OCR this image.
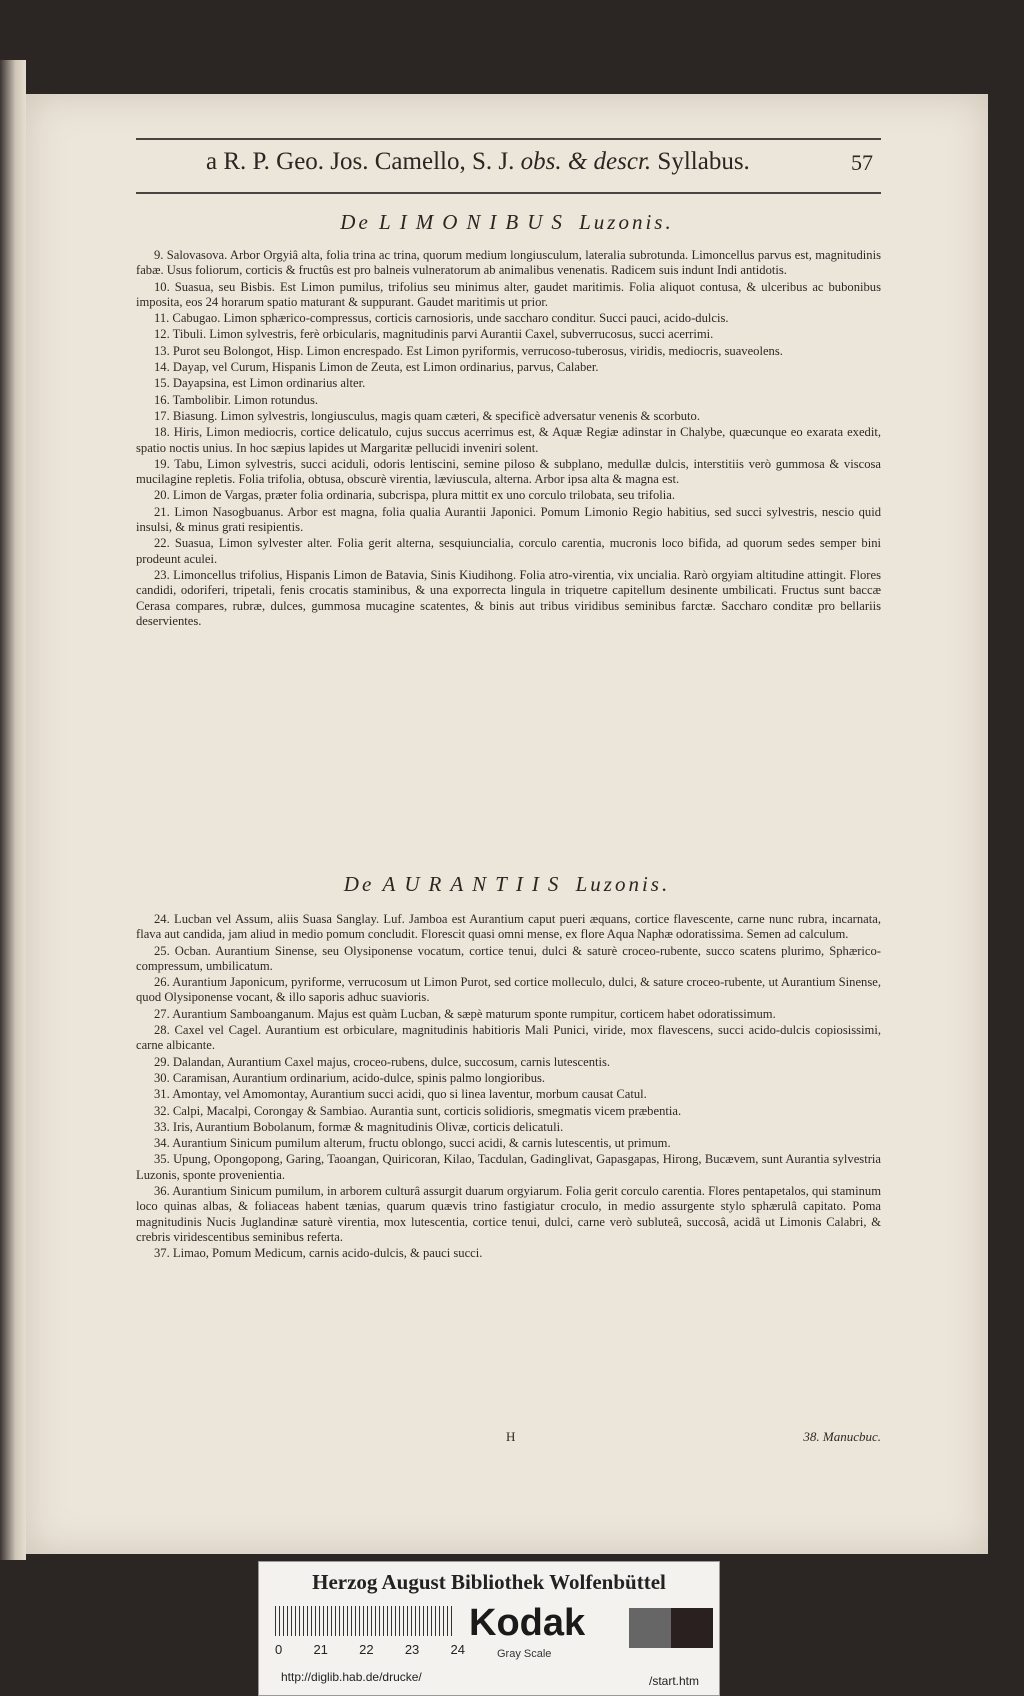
a R. P. Geo. Jos. Camello, S. J. obs. & descr. Syllabus.	57
De LIMONIBUS Luzonis.

9. Salovasova. Arbor Orgyiâ alta, folia trina ac trina, quorum medium longiusculum, lateralia subrotunda. Limoncellus parvus est, magnitudinis fabæ. Usus foliorum, corticis & fructûs est pro balneis vulneratorum ab animalibus venenatis. Radicem suis indunt Indi antidotis.

10. Suasua, seu Bisbis. Est Limon pumilus, trifolius seu minimus alter, gaudet maritimis. Folia aliquot contusa, & ulceribus ac bubonibus imposita, eos 24 horarum spatio maturant & suppurant. Gaudet maritimis ut prior.

11. Cabugao. Limon sphærico-compressus, corticis carnosioris, unde saccharo conditur. Succi pauci, acido-dulcis.

12. Tibuli. Limon sylvestris, ferè orbicularis, magnitudinis parvi Aurantii Caxel, subverrucosus, succi acerrimi.

13. Purot seu Bolongot, Hisp. Limon encrespado. Est Limon pyriformis, verrucoso-tuberosus, viridis, mediocris, suaveolens.

14. Dayap, vel Curum, Hispanis Limon de Zeuta, est Limon ordinarius, parvus, Calaber.

15. Dayapsina, est Limon ordinarius alter.

16. Tambolibir. Limon rotundus.

17. Biasung. Limon sylvestris, longiusculus, magis quam cæteri, & specificè adversatur venenis & scorbuto.

18. Hiris, Limon mediocris, cortice delicatulo, cujus succus acerrimus est, & Aquæ Regiæ adinstar in Chalybe, quæcunque eo exarata exedit, spatio noctis unius. In hoc sæpius lapides ut Margaritæ pellucidi inveniri solent.

19. Tabu, Limon sylvestris, succi aciduli, odoris lentiscini, semine piloso & subplano, medullæ dulcis, interstitiis verò gummosa & viscosa mucilagine repletis. Folia trifolia, obtusa, obscurè virentia, læviuscula, alterna. Arbor ipsa alta & magna est.

20. Limon de Vargas, præter folia ordinaria, subcrispa, plura mittit ex uno corculo trilobata, seu trifolia.

21. Limon Nasogbuanus. Arbor est magna, folia qualia Aurantii Japonici. Pomum Limonio Regio habitius, sed succi sylvestris, nescio quid insulsi, & minus grati resipientis.

22. Suasua, Limon sylvester alter. Folia gerit alterna, sesquiuncialia, corculo carentia, mucronis loco bifida, ad quorum sedes semper bini prodeunt aculei.

23. Limoncellus trifolius, Hispanis Limon de Batavia, Sinis Kiudihong. Folia atro-virentia, vix uncialia. Rarò orgyiam altitudine attingit. Flores candidi, odoriferi, tripetali, fenis crocatis staminibus, & una exporrecta lingula in triquetre capitellum desinente umbilicati. Fructus sunt baccæ Cerasa compares, rubræ, dulces, gummosa mucagine scatentes, & binis aut tribus viridibus seminibus farctæ. Saccharo conditæ pro bellariis deservientes.

De AURANTIIS Luzonis.

24. Lucban vel Assum, aliis Suasa Sanglay. Luf. Jamboa est Aurantium caput pueri æquans, cortice flavescente, carne nunc rubra, incarnata, flava aut candida, jam aliud in medio pomum concludit. Florescit quasi omni mense, ex flore Aqua Naphæ odoratissima. Semen ad calculum.

25. Ocban. Aurantium Sinense, seu Olysiponense vocatum, cortice tenui, dulci & saturè croceo-rubente, succo scatens plurimo, Sphærico-compressum, umbilicatum.

26. Aurantium Japonicum, pyriforme, verrucosum ut Limon Purot, sed cortice molleculo, dulci, & sature croceo-rubente, ut Aurantium Sinense, quod Olysiponense vocant, & illo saporis adhuc suavioris.

27. Aurantium Samboanganum. Majus est quàm Lucban, & sæpè maturum sponte rumpitur, corticem habet odoratissimum.

28. Caxel vel Cagel. Aurantium est orbiculare, magnitudinis habitioris Mali Punici, viride, mox flavescens, succi acido-dulcis copiosissimi, carne albicante.

29. Dalandan, Aurantium Caxel majus, croceo-rubens, dulce, succosum, carnis lutescentis.

30. Caramisan, Aurantium ordinarium, acido-dulce, spinis palmo longioribus.

31. Amontay, vel Amomontay, Aurantium succi acidi, quo si linea laventur, morbum causat Catul.

32. Calpi, Macalpi, Corongay & Sambiao. Aurantia sunt, corticis solidioris, smegmatis vicem præbentia.

33. Iris, Aurantium Bobolanum, formæ & magnitudinis Olivæ, corticis delicatuli.

34. Aurantium Sinicum pumilum alterum, fructu oblongo, succi acidi, & carnis lutescentis, ut primum.

35. Upung, Opongopong, Garing, Taoangan, Quiricoran, Kilao, Tacdulan, Gadinglivat, Gapasgapas, Hirong, Bucævem, sunt Aurantia sylvestria Luzonis, sponte provenientia.

36. Aurantium Sinicum pumilum, in arborem culturâ assurgit duarum orgyiarum. Folia gerit corculo carentia. Flores pentapetalos, qui staminum loco quinas albas, & foliaceas habent tænias, quarum quævis trino fastigiatur croculo, in medio assurgente stylo sphærulâ capitato. Poma magnitudinis Nucis Juglandinæ saturè virentia, mox lutescentia, cortice tenui, dulci, carne verò subluteâ, succosâ, acidâ ut Limonis Calabri, & crebris viridescentibus seminibus referta.

37. Limao, Pomum Medicum, carnis acido-dulcis, & pauci succi.

H	38. Manucbuc.
Herzog August Bibliothek Wolfenbüttel
0 21 22 23 24
Kodak
Gray Scale
http://diglib.hab.de/drucke/	/start.htm
